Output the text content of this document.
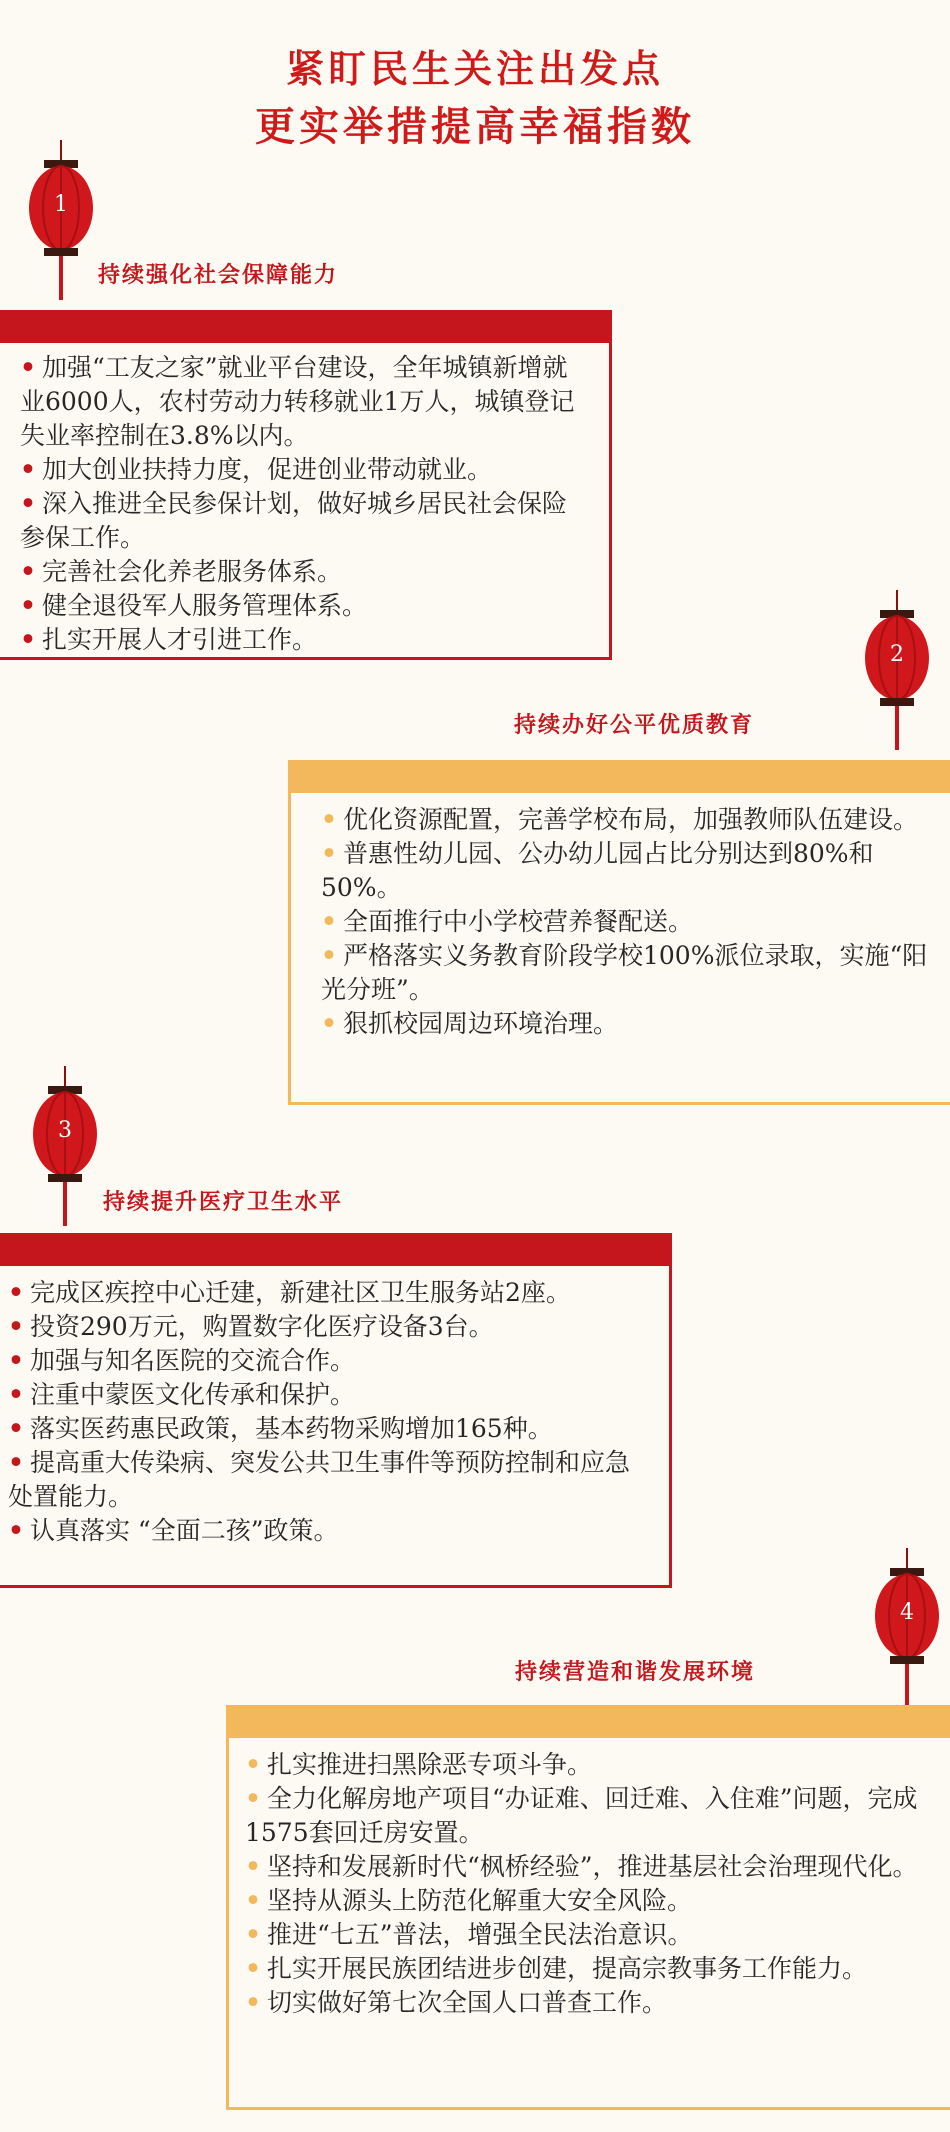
紧盯民生关注出发点
更实举措提高幸福指数
1
持续强化社会保障能力
• 加强“工友之家”就业平台建设，全年城镇新增就业6000人，农村劳动力转移就业1万人，城镇登记失业率控制在3.8%以内。
• 加大创业扶持力度，促进创业带动就业。
• 深入推进全民参保计划，做好城乡居民社会保险参保工作。
• 完善社会化养老服务体系。
• 健全退役军人服务管理体系。
• 扎实开展人才引进工作。
2
持续办好公平优质教育
• 优化资源配置，完善学校布局，加强教师队伍建设。
• 普惠性幼儿园、公办幼儿园占比分别达到80%和50%。
• 全面推行中小学校营养餐配送。
• 严格落实义务教育阶段学校100%派位录取，实施“阳光分班”。
• 狠抓校园周边环境治理。
3
持续提升医疗卫生水平
• 完成区疾控中心迁建，新建社区卫生服务站2座。
• 投资290万元，购置数字化医疗设备3台。
• 加强与知名医院的交流合作。
• 注重中蒙医文化传承和保护。
• 落实医药惠民政策，基本药物采购增加165种。
• 提高重大传染病、突发公共卫生事件等预防控制和应急处置能力。
• 认真落实 “全面二孩”政策。
4
持续营造和谐发展环境
• 扎实推进扫黑除恶专项斗争。
• 全力化解房地产项目“办证难、回迁难、入住难”问题，完成1575套回迁房安置。
• 坚持和发展新时代“枫桥经验”，推进基层社会治理现代化。
• 坚持从源头上防范化解重大安全风险。
• 推进“七五”普法，增强全民法治意识。
• 扎实开展民族团结进步创建，提高宗教事务工作能力。
• 切实做好第七次全国人口普查工作。
